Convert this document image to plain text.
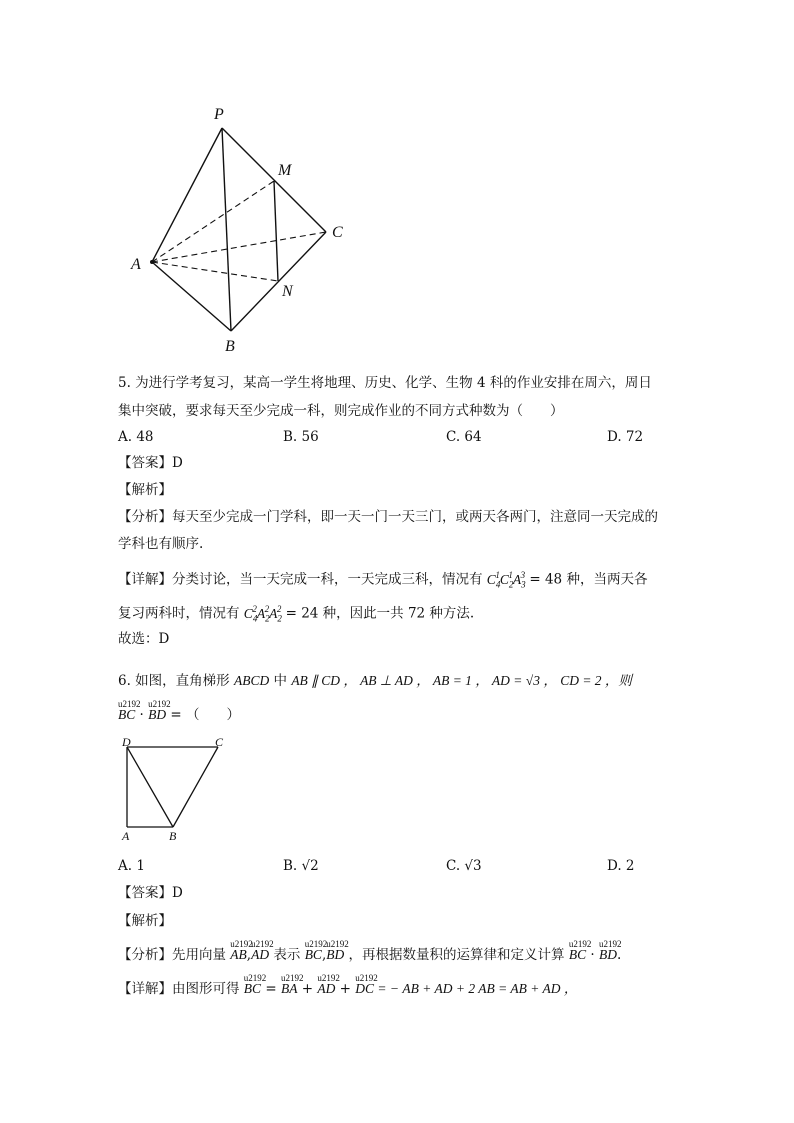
P
M
C
A
N
B
5. 为进行学考复习，某高一学生将地理、历史、化学、生物 4 科的作业安排在周六，周日
集中突破，要求每天至少完成一科，则完成作业的不同方式种数为（　　）
A. 48	B. 56	C. 64	D. 72
【答案】D
【解析】
【分析】每天至少完成一门学科，即一天一门一天三门，或两天各两门，注意同一天完成的
学科也有顺序.
【详解】分类讨论，当一天完成一科，一天完成三科，情况有 $C_4^1C_2^1A_3^3 = 48$ 种，当两天各
复习两科时，情况有 $C_4^2A_2^2A_2^2 = 24$ 种，因此一共 72 种方法.
故选：D
6. 如图，直角梯形 ABCD 中 AB ∥ CD ， AB ⊥ AD ， AB = 1 ， AD = √3 ， CD = 2 ，则
u2192 BC · u2192 BD = （　　）
D	C
A	B
A. 1	B. √2	C. √3	D. 2
【答案】D
【解析】
【分析】先用向量 u2192 AB,u2192 AD 表示 u2192 BC,u2192 BD ，再根据数量积的运算律和定义计算 u2192 BC · u2192 BD.
【详解】由图形可得 u2192 BC = u2192 BA + u2192 AD + u2192 DC = − AB + AD + 2 AB = AB + AD ，
